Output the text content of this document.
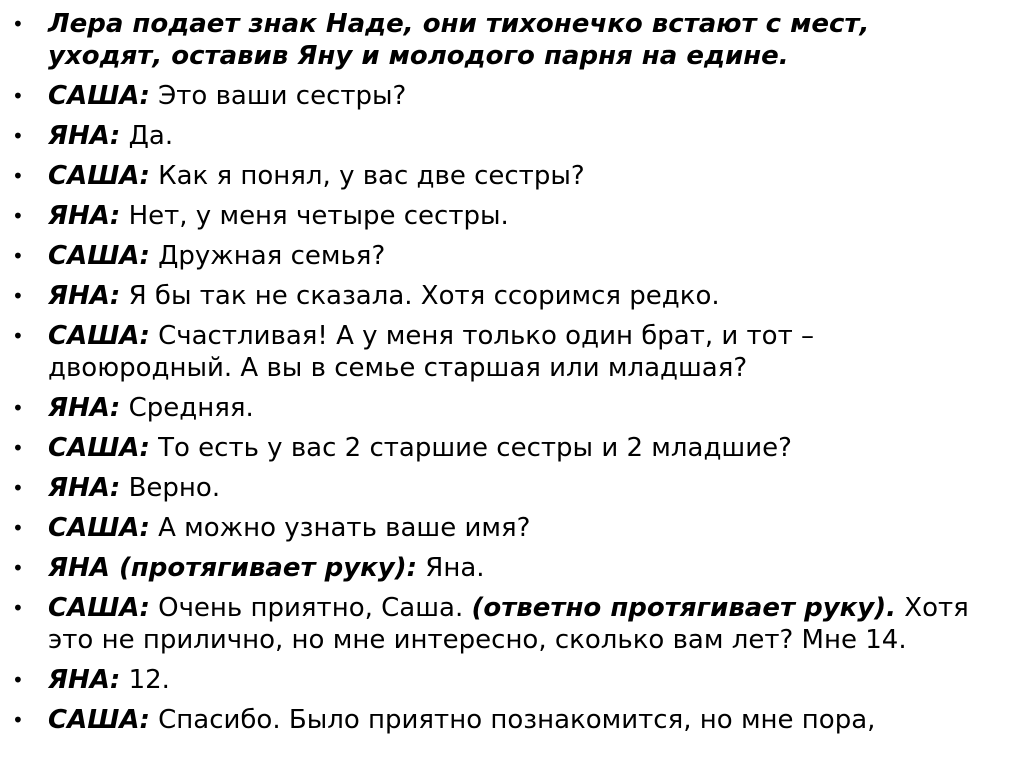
• Лера подает знак Наде, они тихонечко встают с мест, уходят, оставив Яну и молодого парня на едине.
• САША: Это ваши сестры?
• ЯНА: Да.
• САША: Как я понял, у вас две сестры?
• ЯНА: Нет, у меня четыре сестры.
• САША: Дружная семья?
• ЯНА: Я бы так не сказала. Хотя ссоримся редко.
• САША: Счастливая! А у меня только один брат, и тот – двоюродный. А вы в семье старшая или младшая?
• ЯНА: Средняя.
• САША: То есть у вас 2 старшие сестры и 2 младшие?
• ЯНА: Верно.
• САША: А можно узнать ваше имя?
• ЯНА (протягивает руку): Яна.
• САША: Очень приятно, Саша. (ответно протягивает руку). Хотя это не прилично, но мне интересно, сколько вам лет? Мне 14.
• ЯНА: 12.
• САША: Спасибо. Было приятно познакомится, но мне пора,
